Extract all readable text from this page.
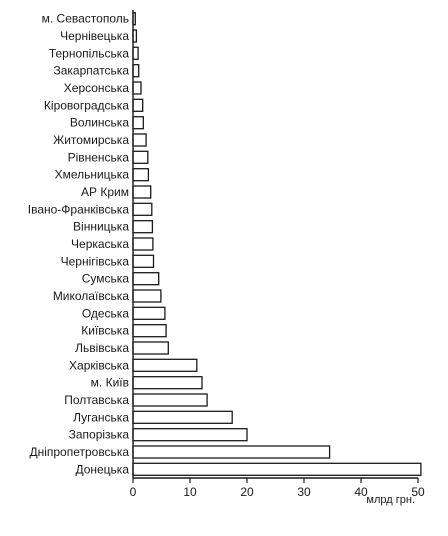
м. Севастополь
Чернівецька
Тернопільська
Закарпатська
Херсонська
Кіровоградська
Волинська
Житомирська
Рівненська
Хмельницька
АР Крим
Івано-Франківська
Вінницька
Черкаська
Чернігівська
Сумська
Миколаївська
Одеська
Київська
Львівська
Харківська
м. Київ
Полтавська
Луганська
Запорізька
Дніпропетровська
Донецька
0	10	20	30	40	50
млрд грн.
